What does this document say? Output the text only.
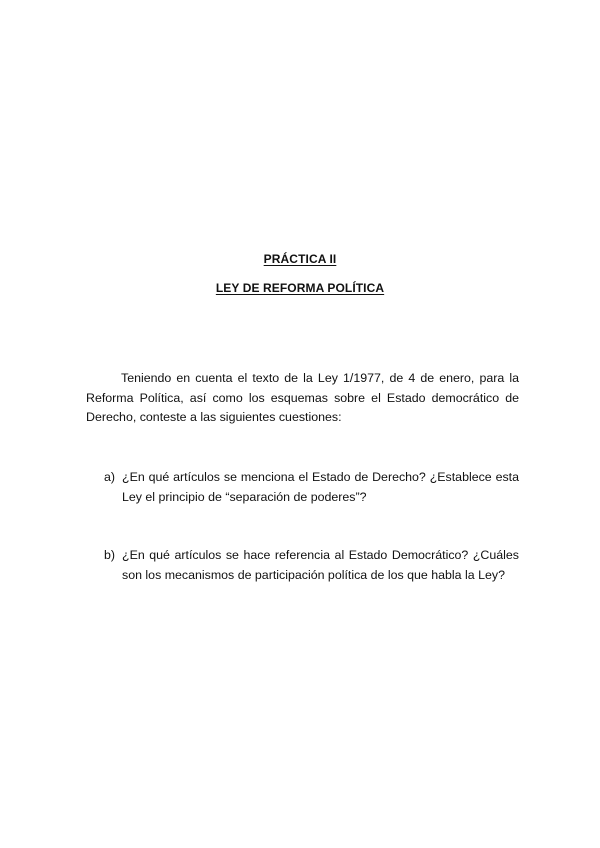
PRÁCTICA II
LEY DE REFORMA POLÍTICA
Teniendo en cuenta el texto de la Ley 1/1977, de 4 de enero, para la Reforma Política, así como los esquemas sobre el Estado democrático de Derecho, conteste a las siguientes cuestiones:
a) ¿En qué artículos se menciona el Estado de Derecho? ¿Establece esta Ley el principio de “separación de poderes”?
b) ¿En qué artículos se hace referencia al Estado Democrático? ¿Cuáles son los mecanismos de participación política de los que habla la Ley?
